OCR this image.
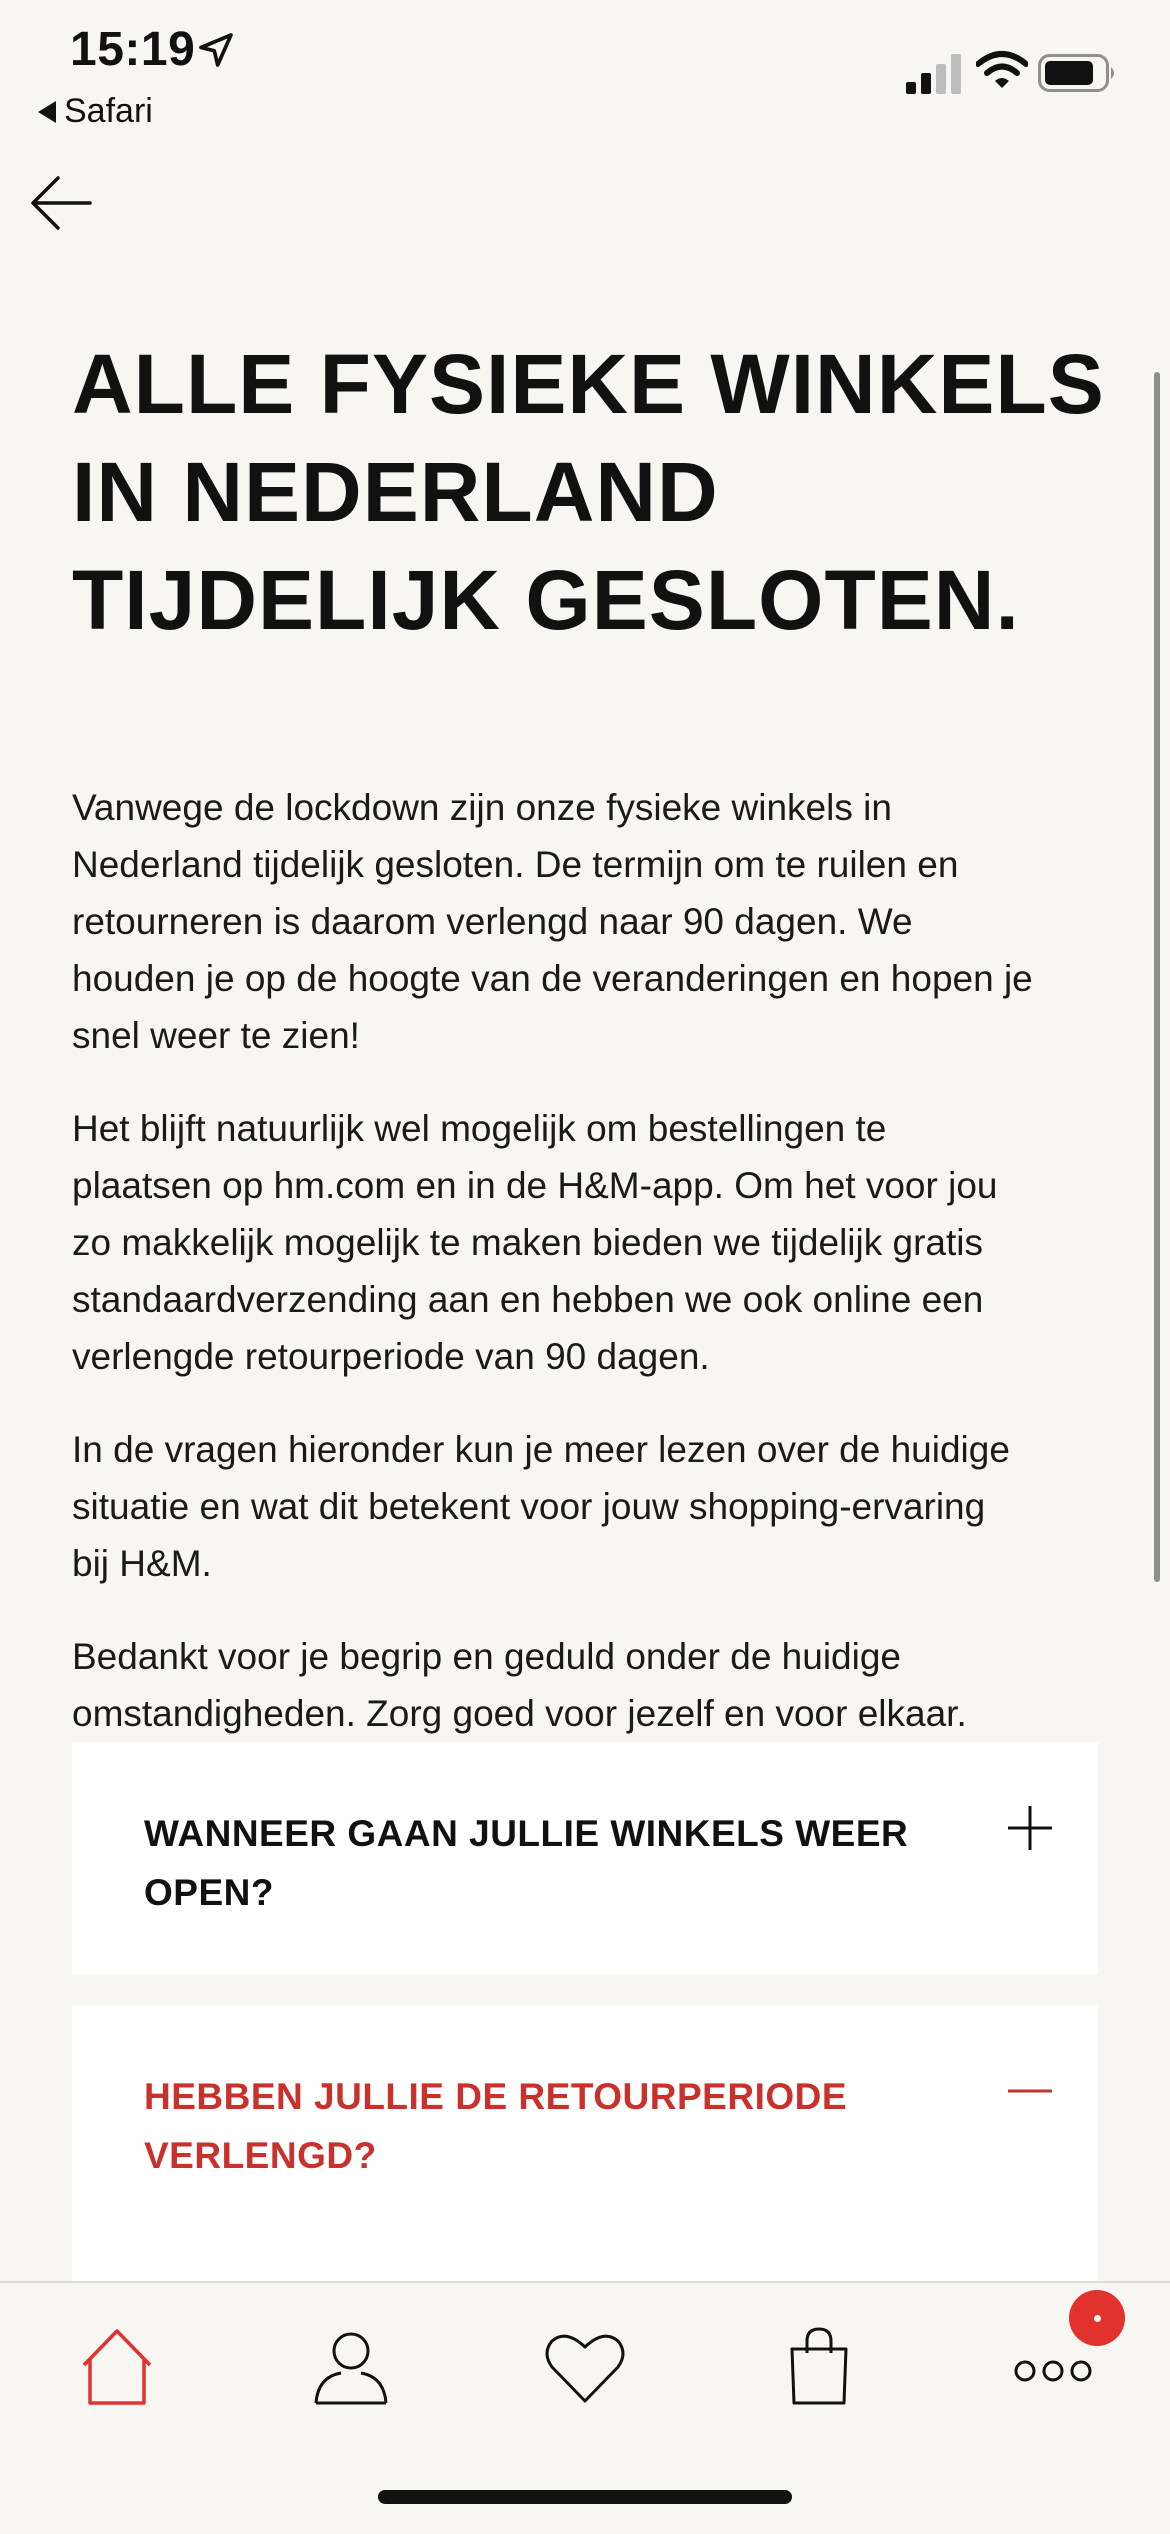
15:19
Safari
ALLE FYSIEKE WINKELS
IN NEDERLAND
TIJDELIJK GESLOTEN.

Vanwege de lockdown zijn onze fysieke winkels in
Nederland tijdelijk gesloten. De termijn om te ruilen en
retourneren is daarom verlengd naar 90 dagen. We
houden je op de hoogte van de veranderingen en hopen je
snel weer te zien!

Het blijft natuurlijk wel mogelijk om bestellingen te
plaatsen op hm.com en in de H&M-app. Om het voor jou
zo makkelijk mogelijk te maken bieden we tijdelijk gratis
standaardverzending aan en hebben we ook online een
verlengde retourperiode van 90 dagen.

In de vragen hieronder kun je meer lezen over de huidige
situatie en wat dit betekent voor jouw shopping-ervaring
bij H&M.

Bedankt voor je begrip en geduld onder de huidige
omstandigheden. Zorg goed voor jezelf en voor elkaar.

WANNEER GAAN JULLIE WINKELS WEER
OPEN?
HEBBEN JULLIE DE RETOURPERIODE
VERLENGD?
